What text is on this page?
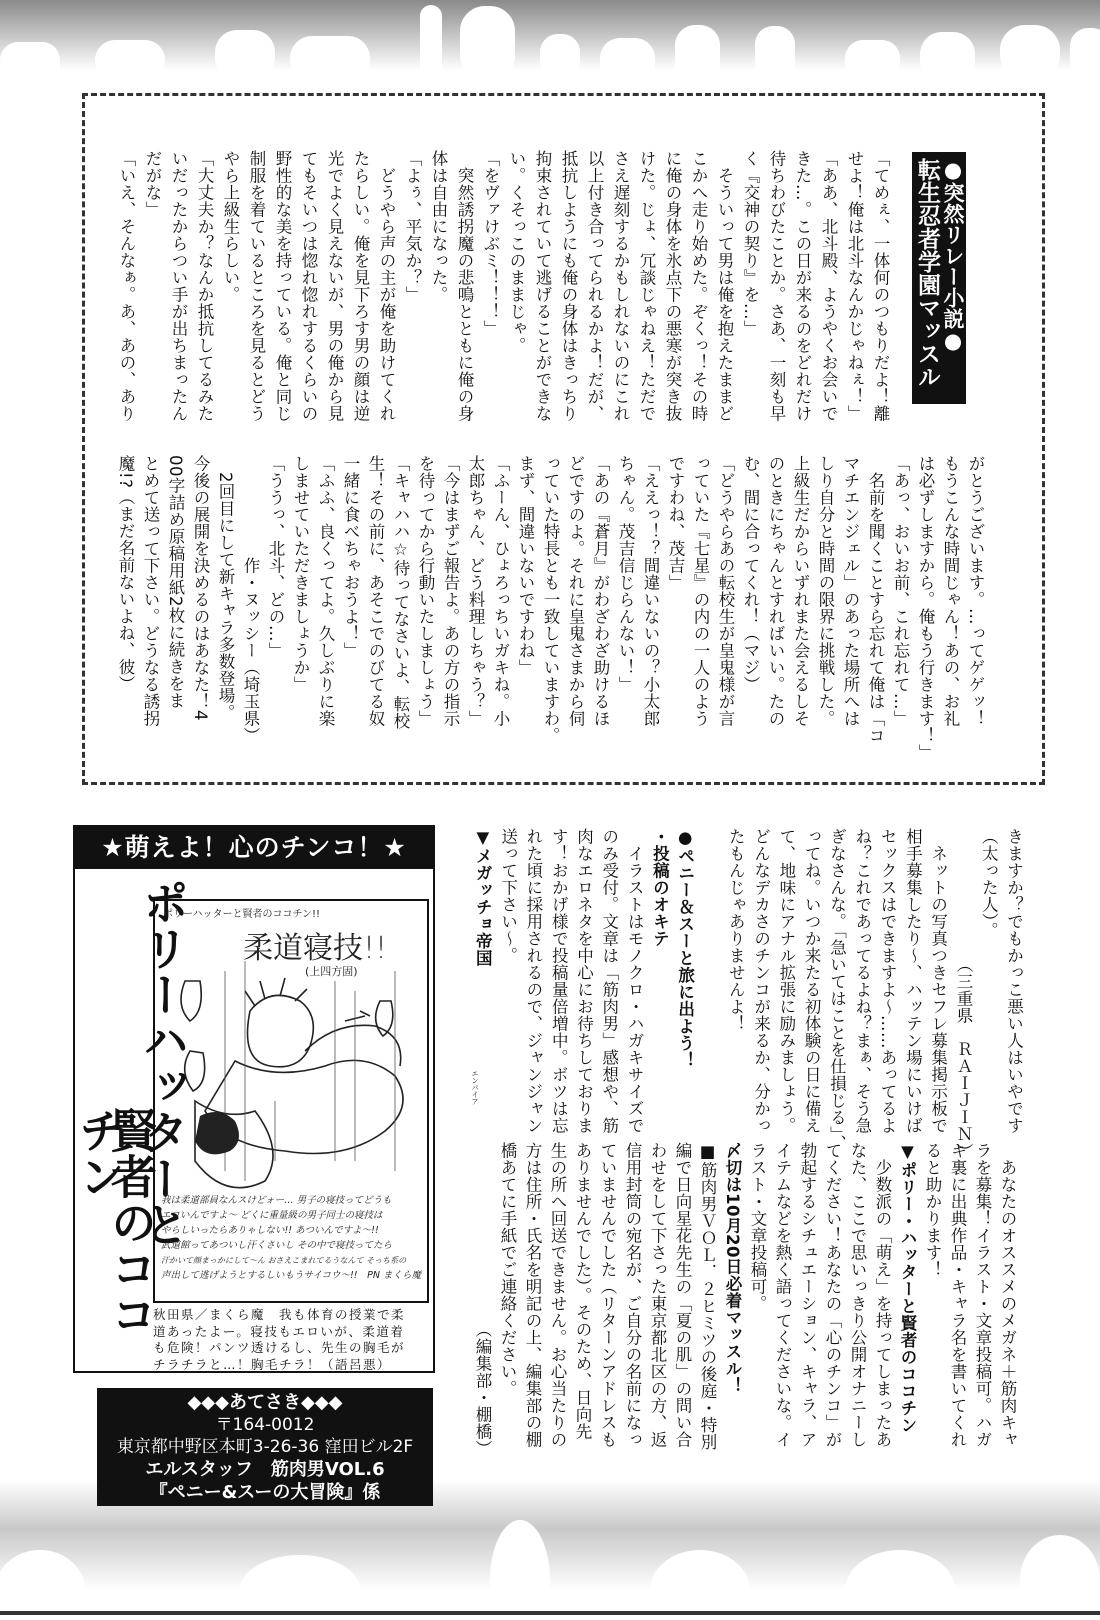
●突然リレー小説●
転生忍者学園マッスル
「てめぇ、一体何のつもりだよ！離
せよ！俺は北斗なんかじゃねぇ！」
「ああ、北斗殿、ようやくお会いで
きた…。この日が来るのをどれだけ
待ちわびたことか。さあ、一刻も早
く『交神の契り』を…」
　そういって男は俺を抱えたままど
こかへ走り始めた。ぞくっ！その時
に俺の身体を氷点下の悪寒が突き抜
けた。じょ、冗談じゃねえ！ただで
さえ遅刻するかもしれないのにこれ
以上付き合ってられるかよ！だが、
抵抗しようにも俺の身体はきっちり
拘束されていて逃げることができな
い。くそっこのままじゃ。
「をヴァけぶミ！！！」
　突然誘拐魔の悲鳴とともに俺の身
体は自由になった。
「よぅ、平気か？」
　どうやら声の主が俺を助けてくれ
たらしい。俺を見下ろす男の顔は逆
光でよく見えないが、男の俺から見
てもそいつは惚れ惚れするくらいの
野性的な美を持っている。俺と同じ
制服を着ているところを見るとどう
やら上級生らしい。
「大丈夫か？なんか抵抗してるみた
いだったからつい手が出ちまったん
だがな」
「いえ、そんなぁ。あ、あの、あり
がとうございます。…ってゲゲッ！
もうこんな時間じゃん！あの、お礼
は必ずしますから。俺もう行きます！」
「あっ、おいお前、これ忘れて…」
　名前を聞くことすら忘れて俺は「コ
マチエンジェル」のあった場所へは
しり自分と時間の限界に挑戦した。
上級生だからいずれまた会えるしそ
のときにちゃんとすればいい。たの
む、間に合ってくれ！（マジ）
「どうやらあの転校生が皇鬼様が言
っていた『七星』の内の一人のよう
ですわね、茂吉」
「ええっ！？間違いないの？小太郎
ちゃん。茂吉信じらんない！」
「あの『蒼月』がわざわざ助けるほ
どですのよ。それに皇鬼さまから伺
っていた特長とも一致していますわ。
まず、間違いないですわね」
「ふーん、ひょろっちいガキね。小
太郎ちゃん、どう料理しちゃう？」
「今はまずご報告よ。あの方の指示
を待ってから行動いたしましょう」
「キャハハ☆待ってなさいよ、転校
生！その前に、あそこでのびてる奴
一緒に食べちゃおうよ！」
「ふふ、良くってよ。久しぶりに楽
しませていただきましょうか」
「ううっ、北斗、どの…」
　　　　　　作・ヌッシー（埼玉県）
　2回目にして新キャラ多数登場。
今後の展開を決めるのはあなた！4
00字詰め原稿用紙2枚に続きをま
とめて送って下さい。どうなる誘拐
魔!?（まだ名前ないよね、彼）
きますか？でもかっこ悪い人はいやです
（太った人）。
　　　　　　　　（三重県　ＲＡＩＪＩＮ）
　ネットの写真つきセフレ募集掲示板で
相手募集したり～、ハッテン場にいけば
セックスはできますよ～……あってるよ
ね？これであってるよね？まぁ、そう急
ぎなさんな。「急いてはことを仕損じる」、
ってね。いつか来たる初体験の日に備え
て、地味にアナル拡張に励みましょう。
どんなデカさのチンコが来るか、分かっ
たもんじゃありませんよ！
●ペニー＆スーと旅に出よう！
・投稿のオキテ
　イラストはモノクロ・ハガキサイズで
のみ受付。文章は「筋肉男」感想や、筋
肉なエロネタを中心にお待ちしておりま
す！おかげ様で投稿量倍増中。ボツは忘
れた頃に採用されるので、ジャンジャン
送って下さい～。
▼メガッチョ帝国
エンパイア
　あなたのオススメのメガネ＋筋肉キャ
ラを募集！イラスト・文章投稿可。ハガ
キ裏に出典作品・キャラ名を書いてくれ
ると助かります！
▼ポリー・ハッターと賢者のココチン
　少数派の「萌え」を持ってしまったあ
なた、ここで思いっきり公開オナニーし
てください！あなたの「心のチンコ」が
勃起するシチュエーション、キャラ、ア
イテムなどを熱く語ってくださいな。イ
ラスト・文章投稿可。
〆切は10月20日必着マッスル！
■筋肉男ＶＯＬ．２ヒミツの後庭・特別
編で日向星花先生の「夏の肌」の問い合
わせをして下さった東京都北区の方、返
信用封筒の宛名が、ご自分の名前になっ
ていませんでした（リターンアドレスも
ありませんでした）。そのため、日向先
生の所へ回送できません。お心当たりの
方は住所・氏名を明記の上、編集部の棚
橋あてに手紙でご連絡ください。
　　　　　　　　　　　（編集部・棚橋）
★萌えよ！心のチンコ！★
ポリーハッターと
賢者のココチン
ポリーハッターと賢者のココチン!!
柔道寝技!!
(上四方固)
我は柔道部員なんスけどォー… 男子の寝技ってどうも
エロいんですよ～ どくに重量級の男子同士の寝技は
やらしいったらありゃしない!! あついんですよ～!!
武道館ってあついし汗くさいし その中で寝技ってたら
汗かいて顔まっかにして～ん おさえこまれてるうなんて そっち系の
声出して逃げようとするしいもうサイコウ～!!　 PN まくら魔
秋田県／まくら魔　我も体育の授業で柔
道あったよー。寝技もエロいが、柔道着
も危険！パンツ透けるし、先生の胸毛が
チラチラと…！胸毛チラ！（語呂悪）
◆◆◆あてさき◆◆◆
〒164-0012
東京都中野区本町3-26-36 窪田ビル2F
エルスタッフ　筋肉男VOL.6
『ペニー&スーの大冒険』係
